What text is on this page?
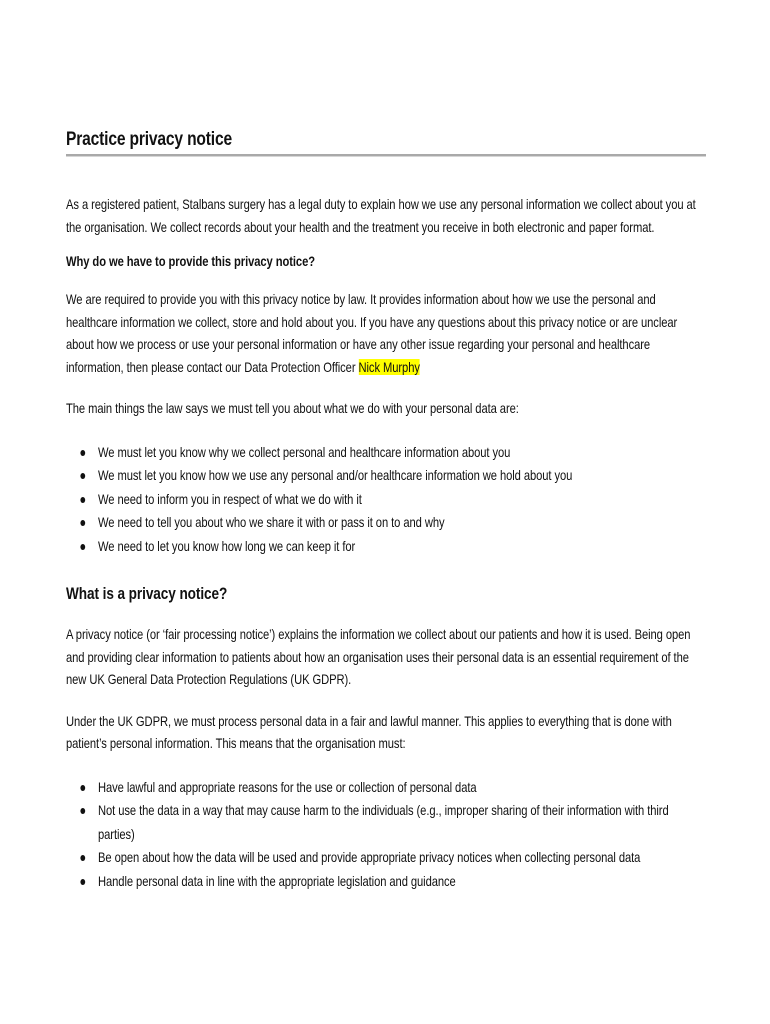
Practice privacy notice

As a registered patient, Stalbans surgery has a legal duty to explain how we use any personal information we collect about you at the organisation. We collect records about your health and the treatment you receive in both electronic and paper format.

Why do we have to provide this privacy notice?

We are required to provide you with this privacy notice by law. It provides information about how we use the personal and healthcare information we collect, store and hold about you. If you have any questions about this privacy notice or are unclear about how we process or use your personal information or have any other issue regarding your personal and healthcare information, then please contact our Data Protection Officer Nick Murphy

The main things the law says we must tell you about what we do with your personal data are:

We must let you know why we collect personal and healthcare information about you
We must let you know how we use any personal and/or healthcare information we hold about you
We need to inform you in respect of what we do with it
We need to tell you about who we share it with or pass it on to and why
We need to let you know how long we can keep it for

What is a privacy notice?

A privacy notice (or ‘fair processing notice’) explains the information we collect about our patients and how it is used. Being open and providing clear information to patients about how an organisation uses their personal data is an essential requirement of the new UK General Data Protection Regulations (UK GDPR).

Under the UK GDPR, we must process personal data in a fair and lawful manner. This applies to everything that is done with patient’s personal information. This means that the organisation must:

Have lawful and appropriate reasons for the use or collection of personal data
Not use the data in a way that may cause harm to the individuals (e.g., improper sharing of their information with third parties)
Be open about how the data will be used and provide appropriate privacy notices when collecting personal data
Handle personal data in line with the appropriate legislation and guidance
